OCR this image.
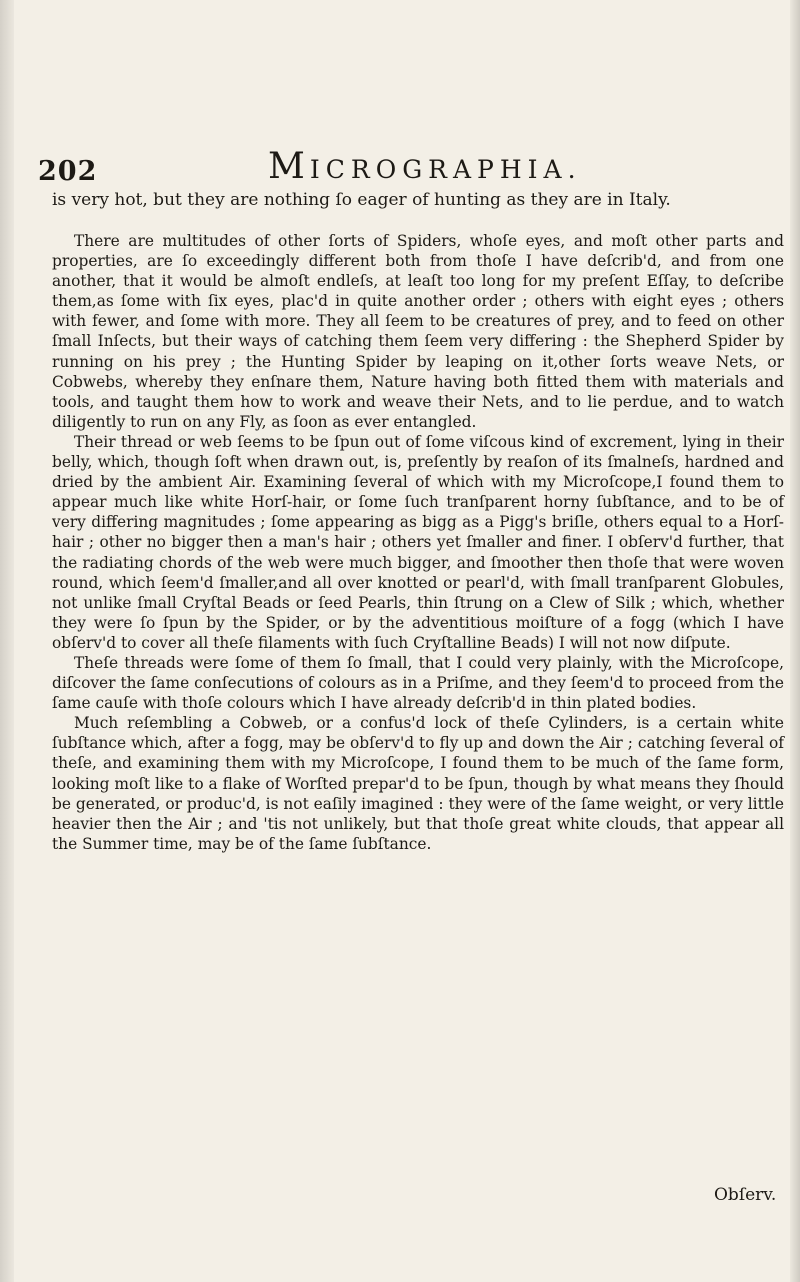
202	MICROGRAPHIA.

is very hot, but they are nothing ſo eager of hunting as they are in Italy.

There are multitudes of other ſorts of Spiders, whoſe eyes, and moſt other parts and properties, are ſo exceedingly different both from thoſe I have deſcrib'd, and from one another, that it would be almoſt endleſs, at leaſt too long for my preſent Eſſay, to deſcribe them,as ſome with ſix eyes, plac'd in quite another order ; others with eight eyes ; others with fewer, and ſome with more. They all ſeem to be creatures of prey, and to feed on other ſmall Inſects, but their ways of catching them ſeem very differing : the Shepherd Spider by running on his prey ; the Hunting Spider by leaping on it,other ſorts weave Nets, or Cobwebs, whereby they enſnare them, Nature having both fitted them with materials and tools, and taught them how to work and weave their Nets, and to lie perdue, and to watch diligently to run on any Fly, as ſoon as ever entangled.

Their thread or web ſeems to be ſpun out of ſome viſcous kind of excrement, lying in their belly, which, though ſoft when drawn out, is, preſently by reaſon of its ſmalneſs, hardned and dried by the ambient Air. Examining ſeveral of which with my Microſcope,I found them to appear much like white Horſ-hair, or ſome ſuch tranſparent horny ſubſtance, and to be of very differing magnitudes ; ſome appearing as bigg as a Pigg's briſle, others equal to a Horſ-hair ; other no bigger then a man's hair ; others yet ſmaller and finer. I obſerv'd further, that the radiating chords of the web were much bigger, and ſmoother then thoſe that were woven round, which ſeem'd ſmaller,and all over knotted or pearl'd, with ſmall tranſparent Globules, not unlike ſmall Cryſtal Beads or ſeed Pearls, thin ſtrung on a Clew of Silk ; which, whether they were ſo ſpun by the Spider, or by the adventitious moiſture of a fogg (which I have obſerv'd to cover all theſe filaments with ſuch Cryſtalline Beads) I will not now diſpute.

Theſe threads were ſome of them ſo ſmall, that I could very plainly, with the Microſcope, diſcover the ſame conſecutions of colours as in a Priſme, and they ſeem'd to proceed from the ſame cauſe with thoſe colours which I have already deſcrib'd in thin plated bodies.

Much reſembling a Cobweb, or a confus'd lock of theſe Cylinders, is a certain white ſubſtance which, after a fogg, may be obſerv'd to fly up and down the Air ; catching ſeveral of theſe, and examining them with my Microſcope, I found them to be much of the ſame form, looking moſt like to a flake of Worſted prepar'd to be ſpun, though by what means they ſhould be generated, or produc'd, is not eaſily imagined : they were of the ſame weight, or very little heavier then the Air ; and 'tis not unlikely, but that thoſe great white clouds, that appear all the Summer time, may be of the ſame ſubſtance.

Obſerv.
